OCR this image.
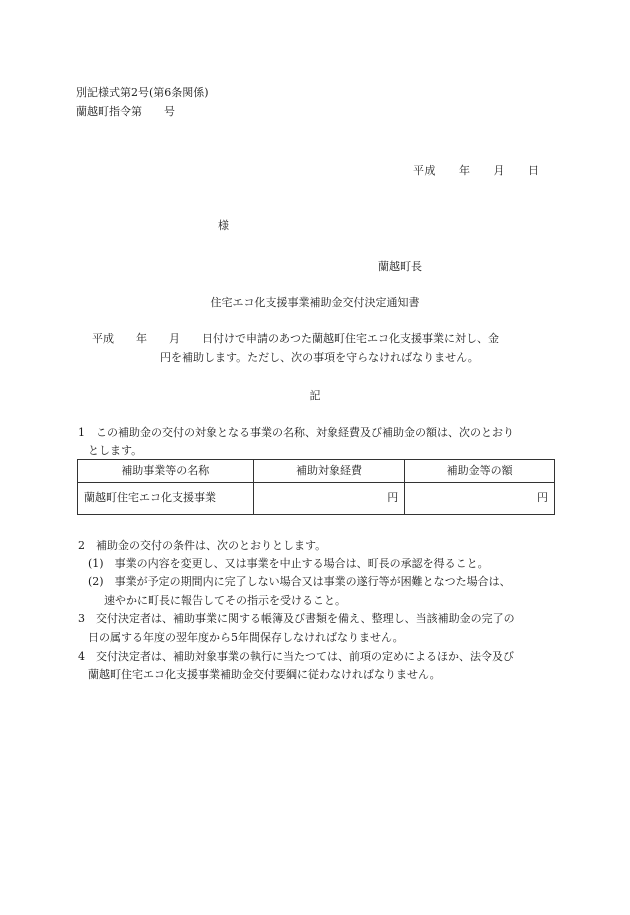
別記様式第2号(第6条関係)
蘭越町指令第　　号
平成　　年　　月　　日
様
蘭越町長
住宅エコ化支援事業補助金交付決定通知書
平成　　年　　月　　日付けで申請のあつた蘭越町住宅エコ化支援事業に対し、金
円を補助します。ただし、次の事項を守らなければなりません。
記
1　この補助金の交付の対象となる事業の名称、対象経費及び補助金の額は、次のとおり
とします。
補助事業等の名称	補助対象経費	補助金等の額
蘭越町住宅エコ化支援事業	円	円
2　補助金の交付の条件は、次のとおりとします。
(1)　事業の内容を変更し、又は事業を中止する場合は、町長の承認を得ること。
(2)　事業が予定の期間内に完了しない場合又は事業の遂行等が困難となつた場合は、
速やかに町長に報告してその指示を受けること。
3　交付決定者は、補助事業に関する帳簿及び書類を備え、整理し、当該補助金の完了の
日の属する年度の翌年度から5年間保存しなければなりません。
4　交付決定者は、補助対象事業の執行に当たつては、前項の定めによるほか、法令及び
蘭越町住宅エコ化支援事業補助金交付要綱に従わなければなりません。
